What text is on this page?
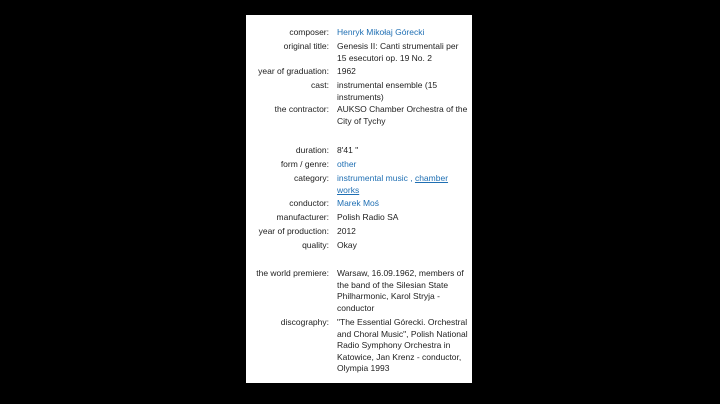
composer: Henryk Mikołaj Górecki
original title: Genesis II: Canti strumentali per 15 esecutori op. 19 No. 2
year of graduation: 1962
cast: instrumental ensemble (15 instruments)
the contractor: AUKSO Chamber Orchestra of the City of Tychy
duration: 8'41 ''
form / genre: other
category: instrumental music , chamber works
conductor: Marek Moś
manufacturer: Polish Radio SA
year of production: 2012
quality: Okay
the world premiere: Warsaw, 16.09.1962, members of the band of the Silesian State Philharmonic, Karol Stryja - conductor
discography: "The Essential Górecki. Orchestral and Choral Music", Polish National Radio Symphony Orchestra in Katowice, Jan Krenz - conductor, Olympia 1993
